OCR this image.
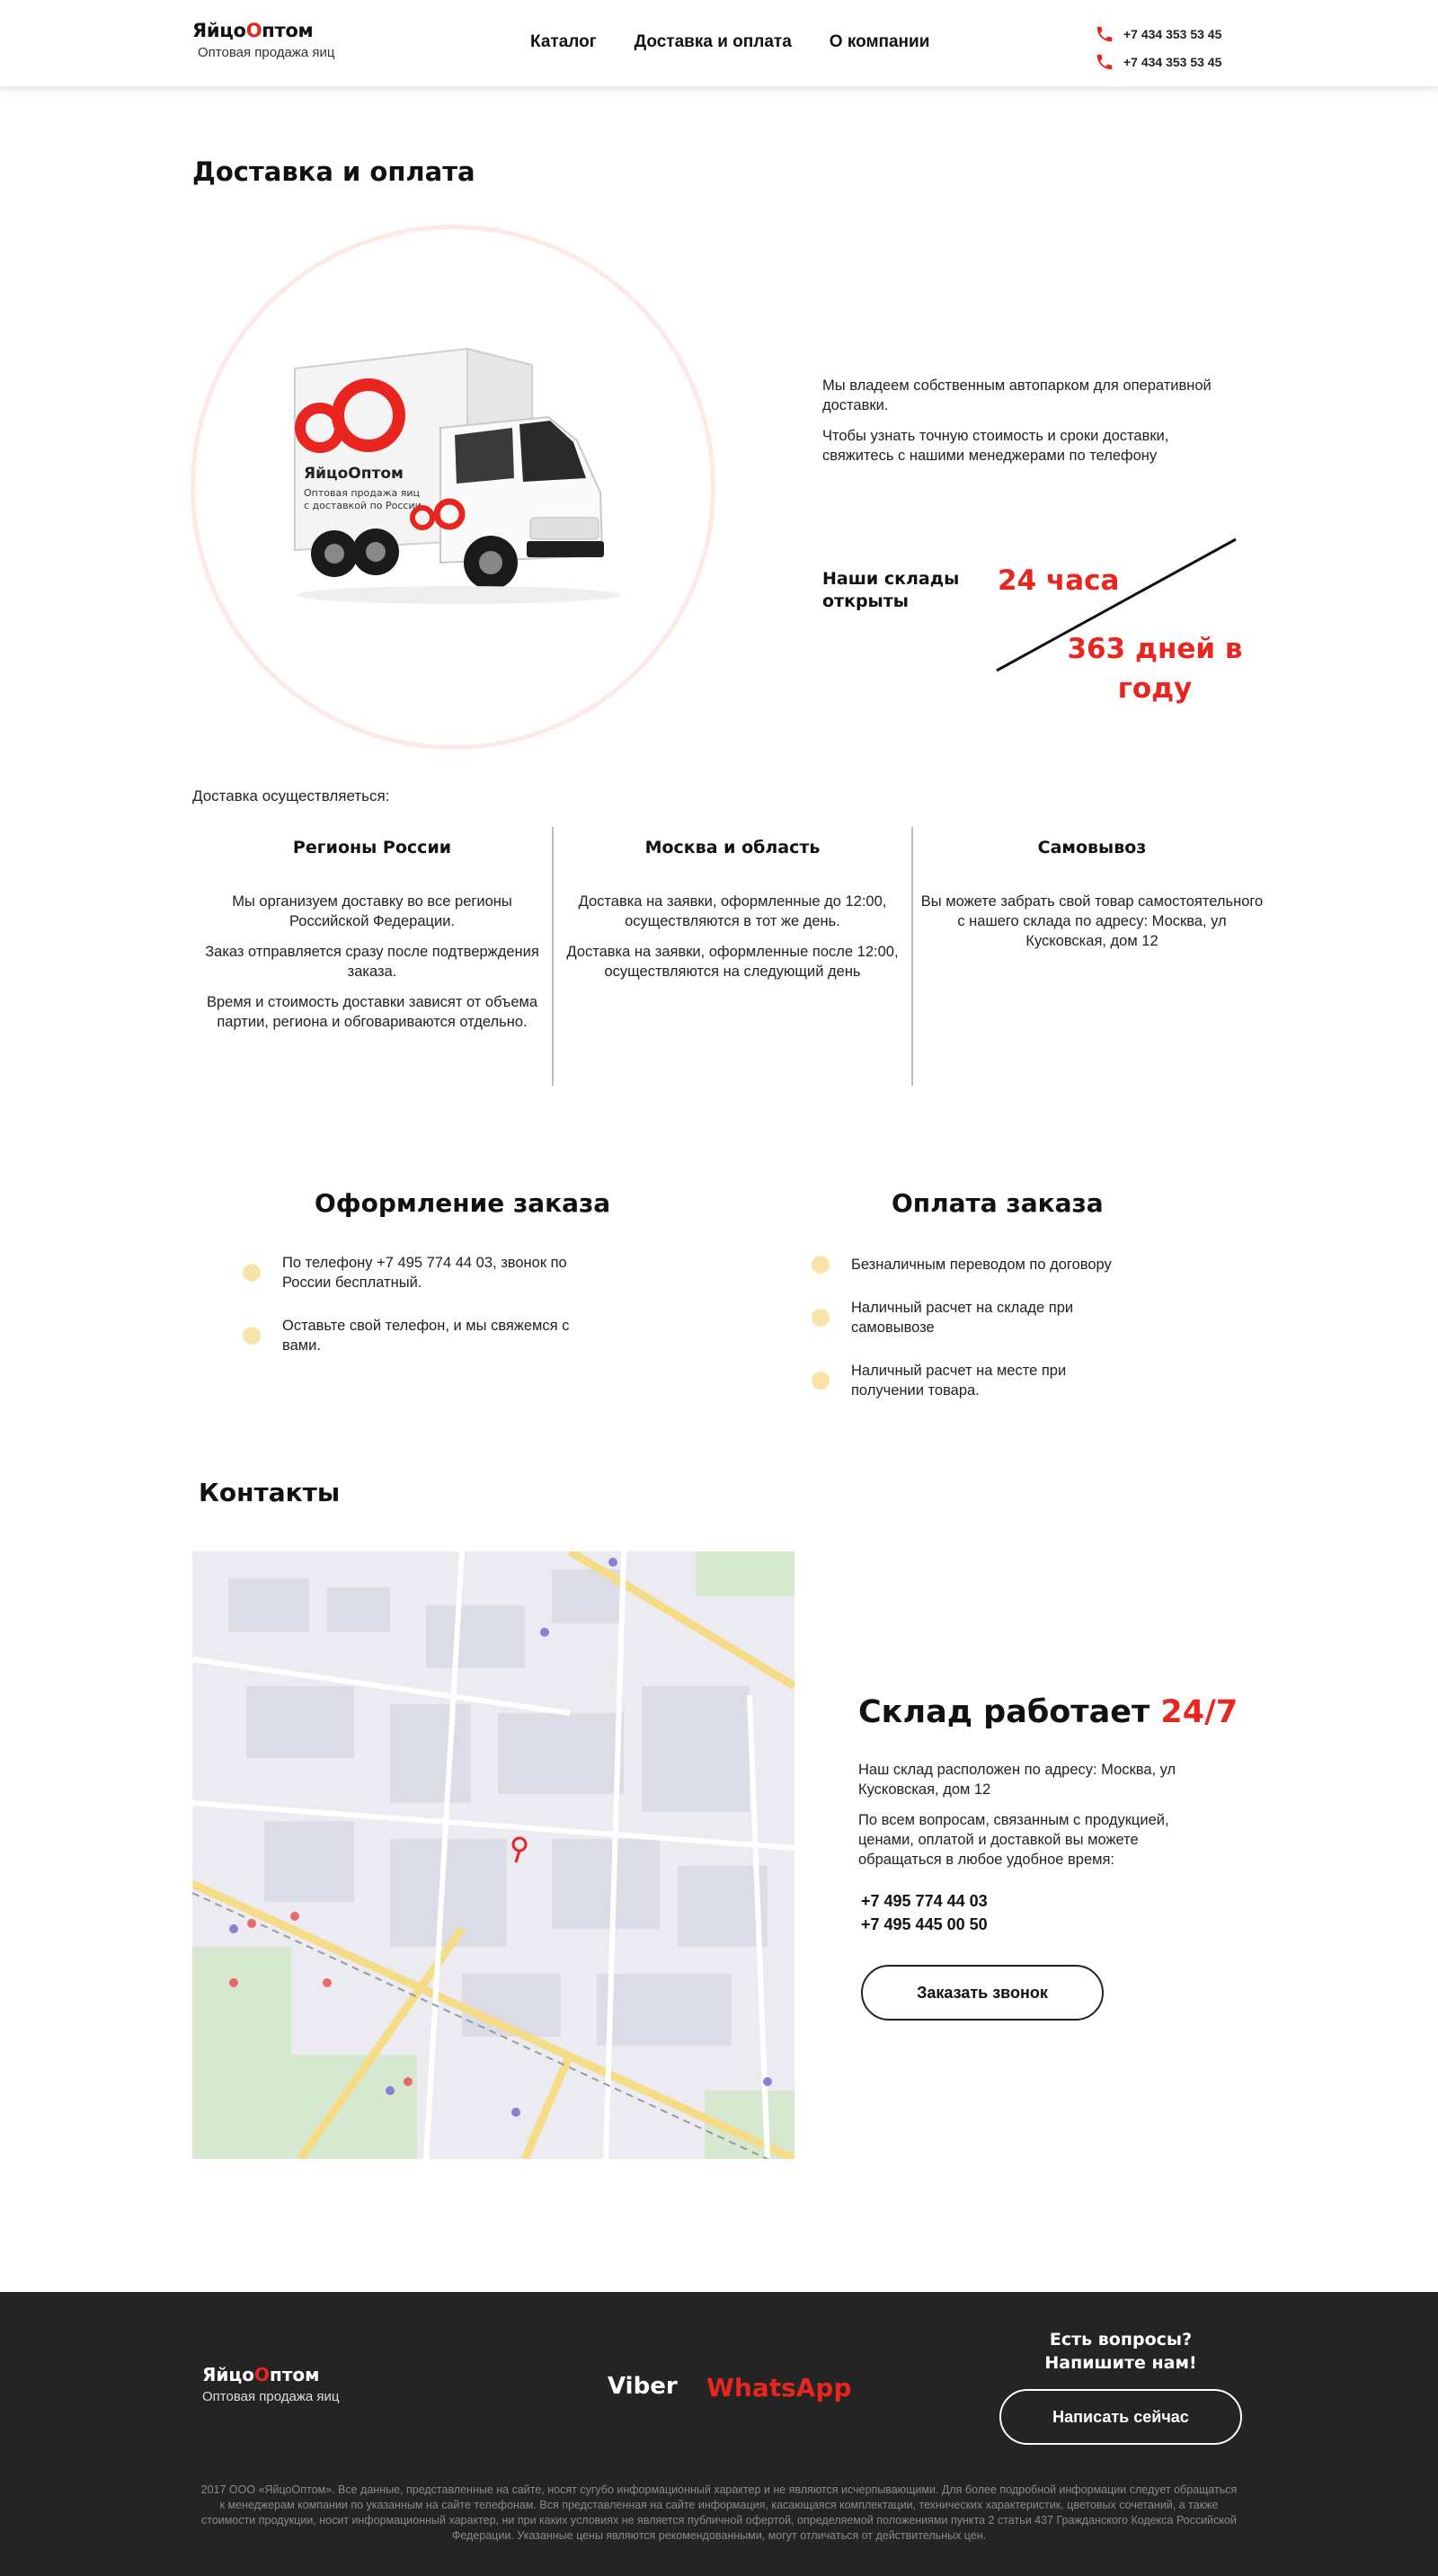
ЯйцоОптом
Оптовая продажа яиц
Каталог Доставка и оплата О компании	+7 434 353 53 45
+7 434 353 53 45
Доставка и оплата
ЯйцоОптом
Оптовая продажа яиц
с доставкой по России

Мы владеем собственным автопарком для оперативной доставки.

Чтобы узнать точную стоимость и сроки доставки, свяжитесь с нашими менеджерами по телефону

Наши склады открыты
24 часа
363 дней в году
Доставка осуществляеться:
Регионы России

Мы организуем доставку во все регионы Российской Федерации.

Заказ отправляется сразу после подтверждения заказа.

Время и стоимость доставки зависят от объема партии, региона и обговариваются отдельно.

Москва и область

Доставка на заявки, оформленные до 12:00, осуществляются в тот же день.

Доставка на заявки, оформленные после 12:00, осуществляются на следующий день

Самовывоз

Вы можете забрать свой товар самостоятельного с нашего склада по адресу: Москва, ул Кусковская, дом 12

Оформление заказа
По телефону +7 495 774 44 03, звонок по России бесплатный.
Оставьте свой телефон, и мы свяжемся с вами.
Оплата заказа
Безналичным переводом по договору
Наличный расчет на складе при самовывозе
Наличный расчет на месте при получении товара.
Контакты
Склад работает 24/7

Наш склад расположен по адресу: Москва, ул Кусковская, дом 12

По всем вопросам, связанным с продукцией, ценами, оплатой и доставкой вы можете обращаться в любое удобное время:

+7 495 774 44 03
+7 495 445 00 50
Заказать звонок
ЯйцоОптом
Оптовая продажа яиц	Viber WhatsApp
Есть вопросы? Напишите нам!
Написать сейчас
2017 ООО «ЯйцоОптом». Все данные, представленные на сайте, носят сугубо информационный характер и не являются исчерпывающими. Для более подробной информации следует обращаться к менеджерам компании по указанным на сайте телефонам. Вся представленная на сайте информация, касающаяся комплектации, технических характеристик, цветовых сочетаний, а также стоимости продукции, носит информационный характер, ни при каких условиях не является публичной офертой, определяемой положениями пункта 2 статьи 437 Гражданского Кодекса Российской Федерации. Указанные цены являются рекомендованными, могут отличаться от действительных цен.
